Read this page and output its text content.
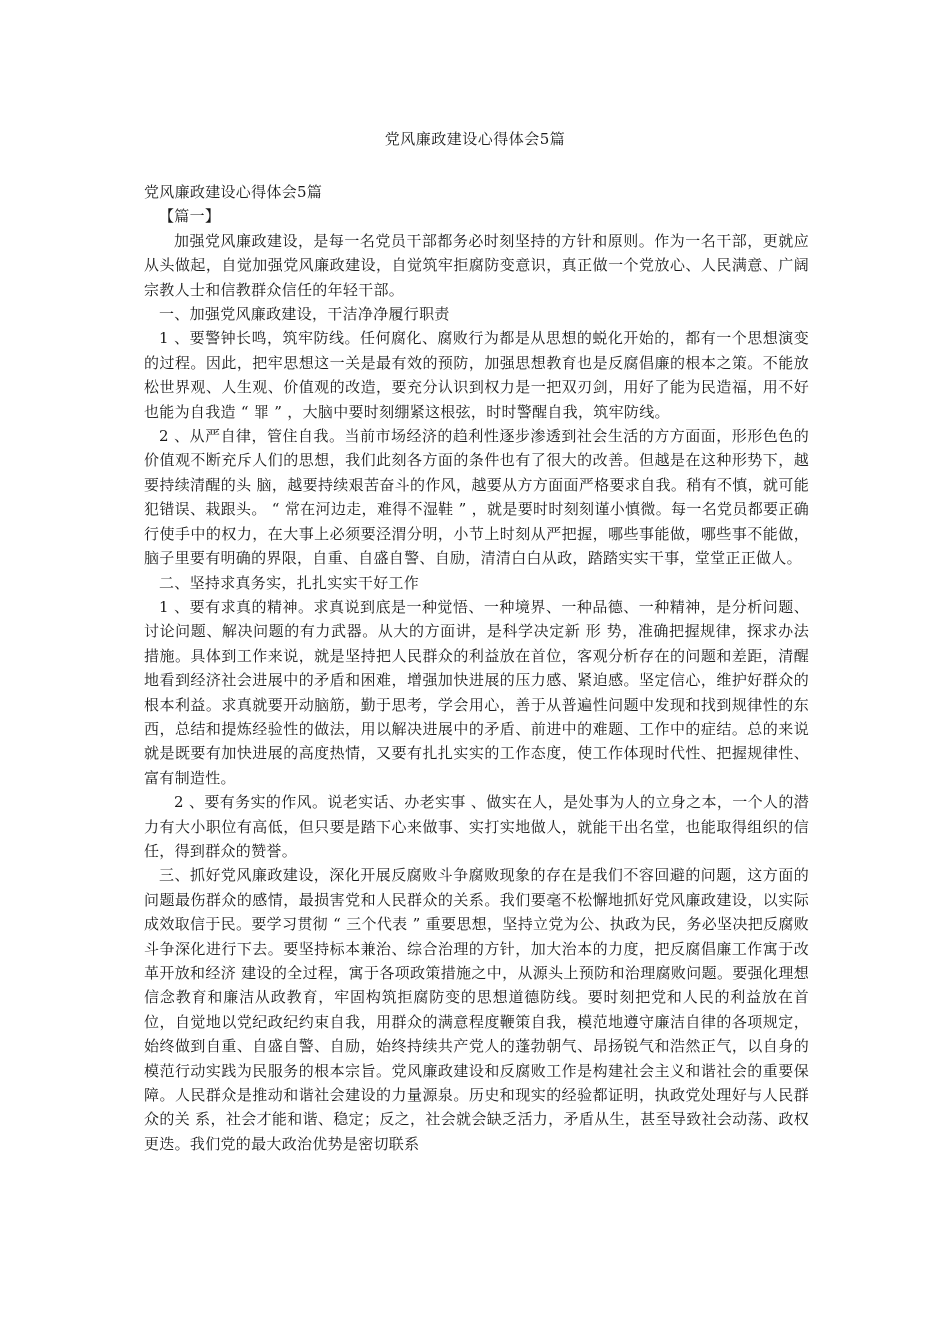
党风廉政建设心得体会5篇

党风廉政建设心得体会5篇

【篇一】

加强党风廉政建设，是每一名党员干部都务必时刻坚持的方针和原则。作为一名干部，更就应从头做起，自觉加强党风廉政建设，自觉筑牢拒腐防变意识，真正做一个党放心、人民满意、广阔宗教人士和信教群众信任的年轻干部。

一、加强党风廉政建设，干洁净净履行职责

1 、要警钟长鸣，筑牢防线。任何腐化、腐败行为都是从思想的蜕化开始的，都有一个思想演变的过程。因此，把牢思想这一关是最有效的预防，加强思想教育也是反腐倡廉的根本之策。不能放松世界观、人生观、价值观的改造，要充分认识到权力是一把双刃剑，用好了能为民造福，用不好也能为自我造 “ 罪 ” ，大脑中要时刻绷紧这根弦，时时警醒自我，筑牢防线。

2 、从严自律，管住自我。当前市场经济的趋利性逐步渗透到社会生活的方方面面，形形色色的价值观不断充斥人们的思想，我们此刻各方面的条件也有了很大的改善。但越是在这种形势下，越要持续清醒的头 脑，越要持续艰苦奋斗的作风，越要从方方面面严格要求自我。稍有不慎，就可能犯错误、栽跟头。 “ 常在河边走，难得不湿鞋 ” ，就是要时时刻刻谨小慎微。每一名党员都要正确行使手中的权力，在大事上必须要泾渭分明，小节上时刻从严把握，哪些事能做，哪些事不能做，脑子里要有明确的界限，自重、自盛自警、自励，清清白白从政，踏踏实实干事，堂堂正正做人。

二、坚持求真务实，扎扎实实干好工作

1 、要有求真的精神。求真说到底是一种觉悟、一种境界、一种品德、一种精神，是分析问题、讨论问题、解决问题的有力武器。从大的方面讲，是科学决定新 形 势，准确把握规律，探求办法措施。具体到工作来说，就是坚持把人民群众的利益放在首位，客观分析存在的问题和差距，清醒地看到经济社会进展中的矛盾和困难，增强加快进展的压力感、紧迫感。坚定信心，维护好群众的根本利益。求真就要开动脑筋，勤于思考，学会用心，善于从普遍性问题中发现和找到规律性的东西，总结和提炼经验性的做法，用以解决进展中的矛盾、前进中的难题、工作中的症结。总的来说就是既要有加快进展的高度热情，又要有扎扎实实的工作态度，使工作体现时代性、把握规律性、富有制造性。

2 、要有务实的作风。说老实话、办老实事 、做实在人，是处事为人的立身之本，一个人的潜力有大小职位有高低，但只要是踏下心来做事、实打实地做人，就能干出名堂，也能取得组织的信任，得到群众的赞誉。

三、抓好党风廉政建设，深化开展反腐败斗争腐败现象的存在是我们不容回避的问题，这方面的问题最伤群众的感情，最损害党和人民群众的关系。我们要毫不松懈地抓好党风廉政建设，以实际成效取信于民。要学习贯彻 “ 三个代表 ” 重要思想，坚持立党为公、执政为民，务必坚决把反腐败斗争深化进行下去。要坚持标本兼治、综合治理的方针，加大治本的力度，把反腐倡廉工作寓于改革开放和经济 建设的全过程，寓于各项政策措施之中，从源头上预防和治理腐败问题。要强化理想信念教育和廉洁从政教育，牢固构筑拒腐防变的思想道德防线。要时刻把党和人民的利益放在首位，自觉地以党纪政纪约束自我，用群众的满意程度鞭策自我，模范地遵守廉洁自律的各项规定，始终做到自重、自盛自警、自励，始终持续共产党人的蓬勃朝气、昂扬锐气和浩然正气，以自身的模范行动实践为民服务的根本宗旨。党风廉政建设和反腐败工作是构建社会主义和谐社会的重要保障。人民群众是推动和谐社会建设的力量源泉。历史和现实的经验都证明，执政党处理好与人民群 众的关 系，社会才能和谐、稳定；反之，社会就会缺乏活力，矛盾从生，甚至导致社会动荡、政权更迭。我们党的最大政治优势是密切联系
